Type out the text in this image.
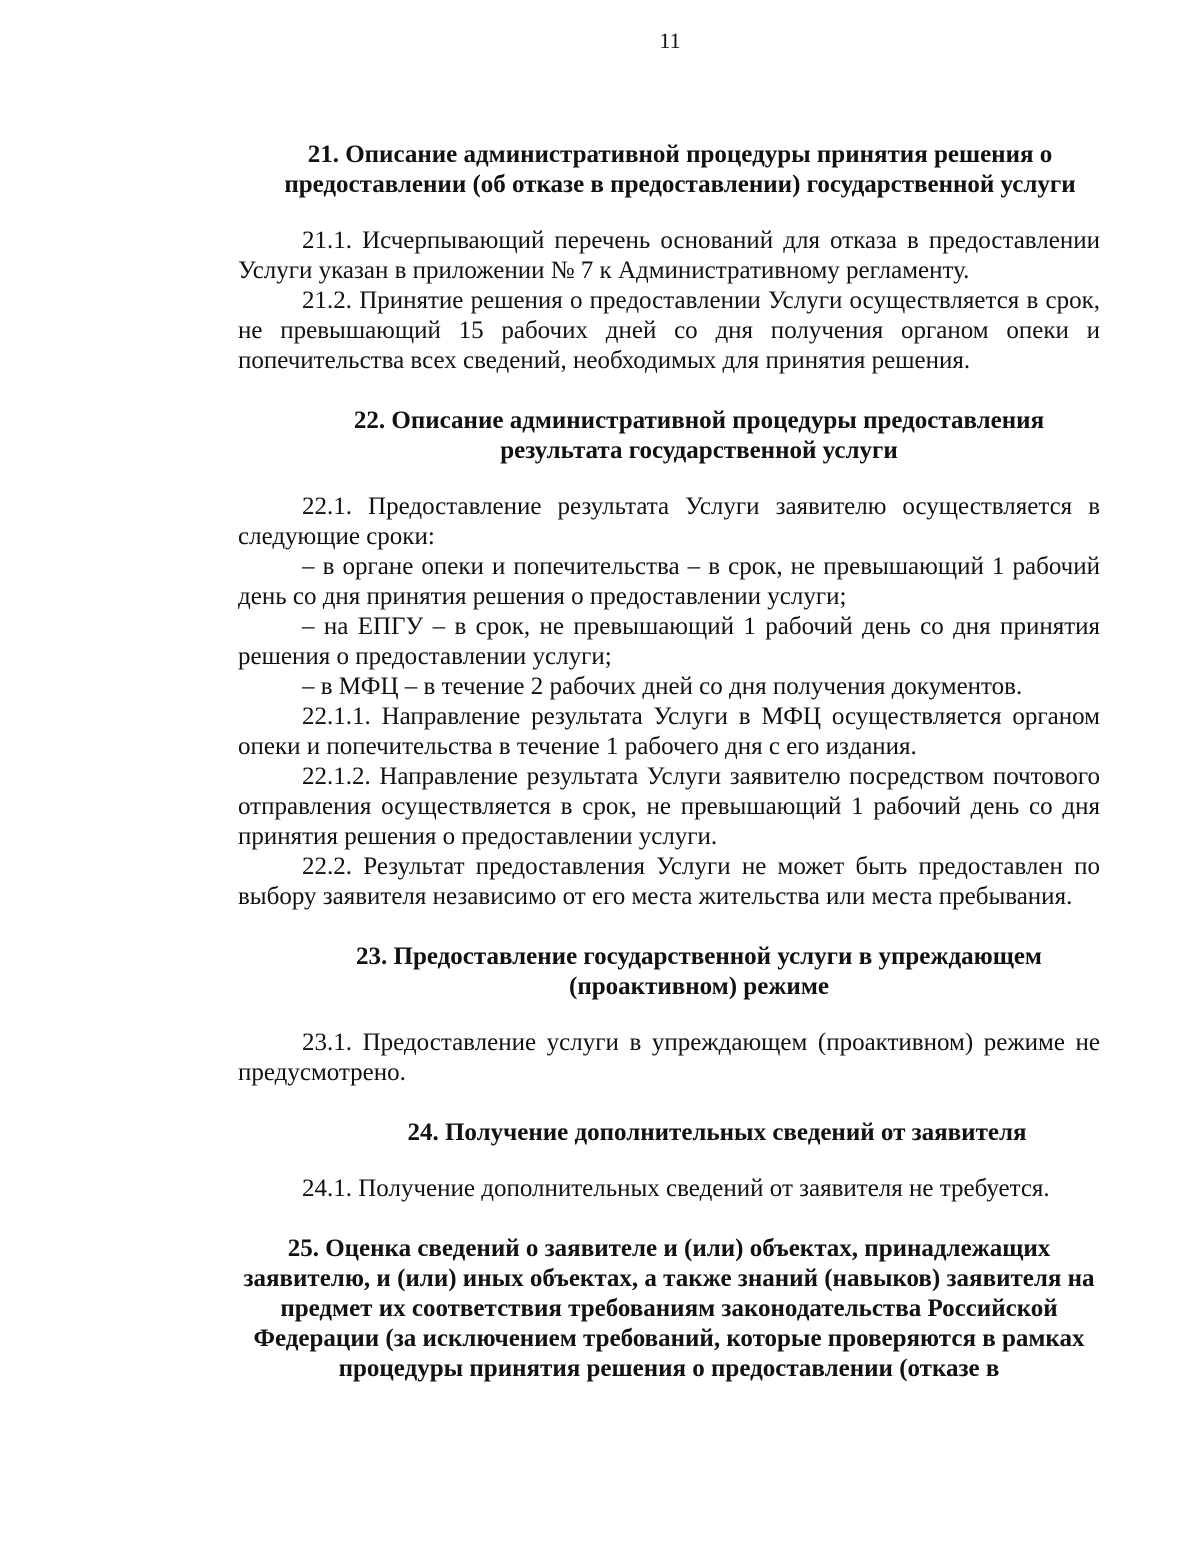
11

21. Описание административной процедуры принятия решения о предоставлении (об отказе в предоставлении) государственной услуги

21.1. Исчерпывающий перечень оснований для отказа в предоставлении Услуги указан в приложении № 7 к Административному регламенту.

21.2. Принятие решения о предоставлении Услуги осуществляется в срок, не превышающий 15 рабочих дней со дня получения органом опеки и попечительства всех сведений, необходимых для принятия решения.

22. Описание административной процедуры предоставления результата государственной услуги

22.1. Предоставление результата Услуги заявителю осуществляется в следующие сроки:

– в органе опеки и попечительства – в срок, не превышающий 1 рабочий день со дня принятия решения о предоставлении услуги;

– на ЕПГУ – в срок, не превышающий 1 рабочий день со дня принятия решения о предоставлении услуги;

– в МФЦ – в течение 2 рабочих дней со дня получения документов.

22.1.1. Направление результата Услуги в МФЦ осуществляется органом опеки и попечительства в течение 1 рабочего дня с его издания.

22.1.2. Направление результата Услуги заявителю посредством почтового отправления осуществляется в срок, не превышающий 1 рабочий день со дня принятия решения о предоставлении услуги.

22.2. Результат предоставления Услуги не может быть предоставлен по выбору заявителя независимо от его места жительства или места пребывания.

23. Предоставление государственной услуги в упреждающем (проактивном) режиме

23.1. Предоставление услуги в упреждающем (проактивном) режиме не предусмотрено.

24. Получение дополнительных сведений от заявителя

24.1. Получение дополнительных сведений от заявителя не требуется.

25. Оценка сведений о заявителе и (или) объектах, принадлежащих заявителю, и (или) иных объектах, а также знаний (навыков) заявителя на предмет их соответствия требованиям законодательства Российской Федерации (за исключением требований, которые проверяются в рамках процедуры принятия решения о предоставлении (отказе в
